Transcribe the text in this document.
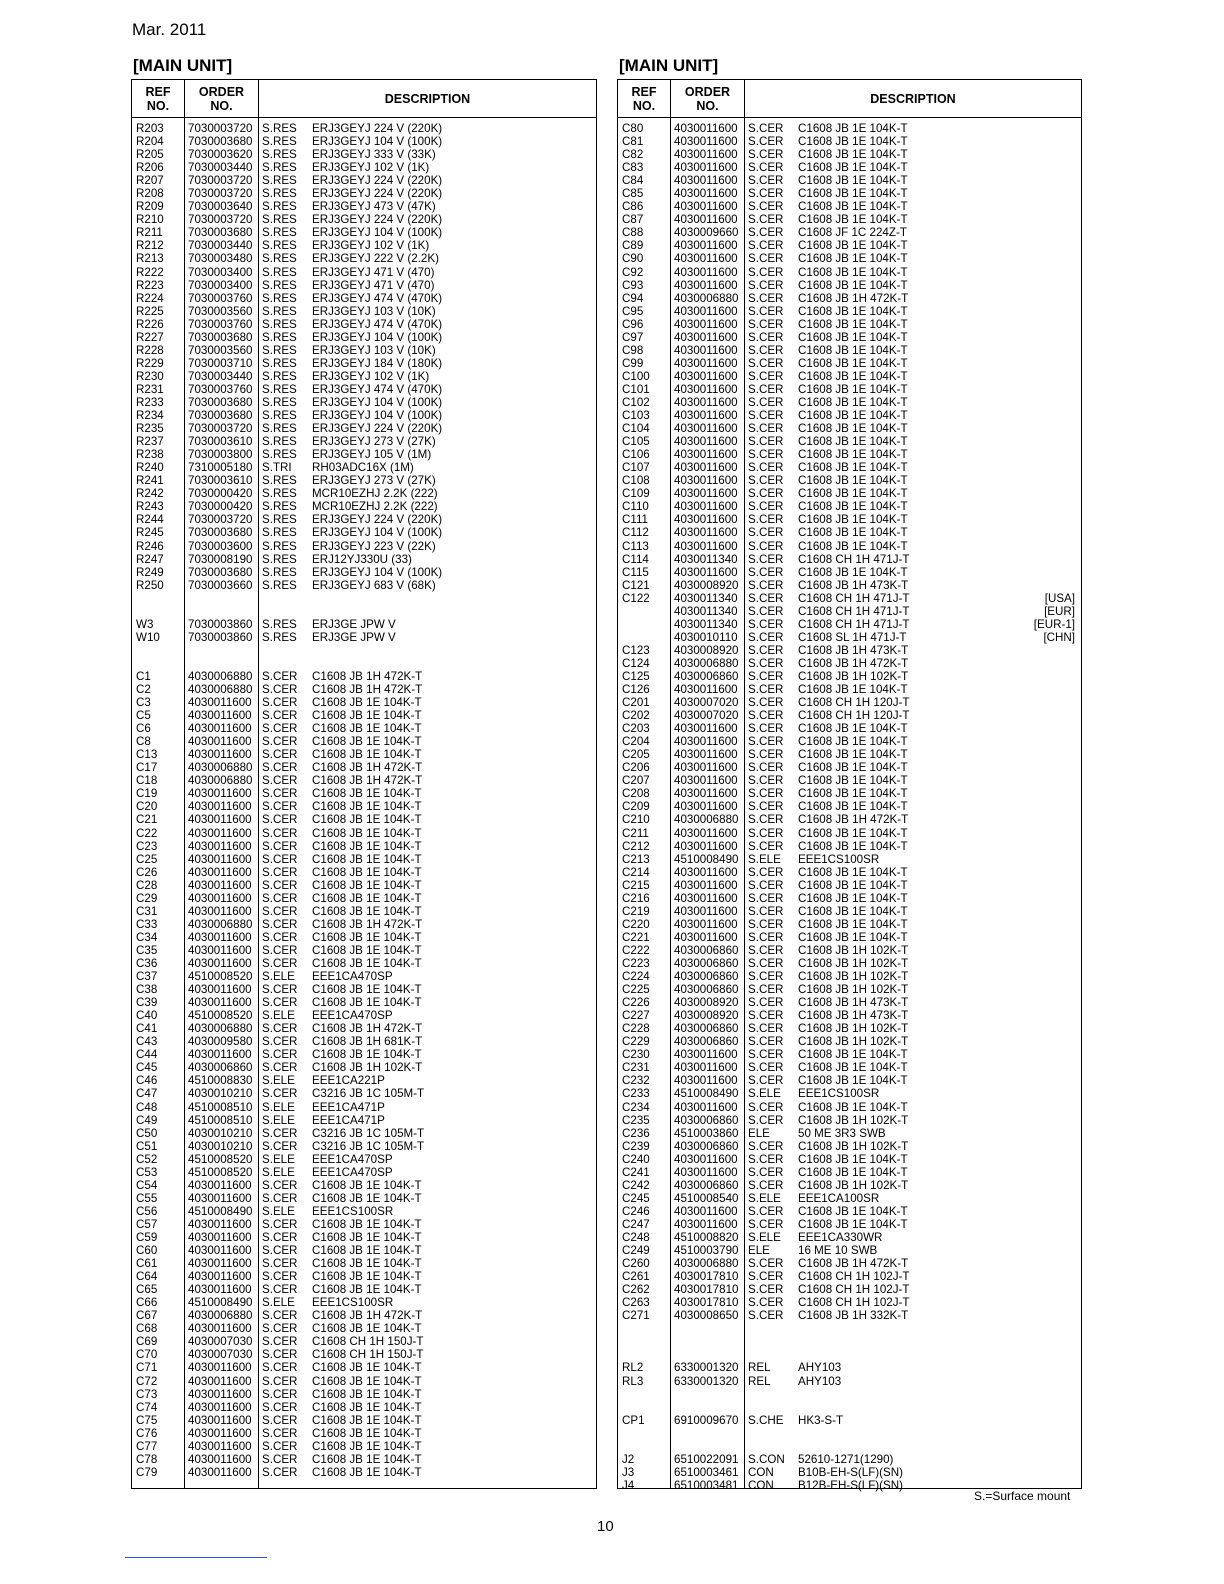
Mar. 2011
[MAIN UNIT]	[MAIN UNIT]
REF
NO.
ORDER
NO.	DESCRIPTION
R203 7030003720 S.RES ERJ3GEYJ 224 V (220K)
R204 7030003680 S.RES ERJ3GEYJ 104 V (100K)
R205 7030003620 S.RES ERJ3GEYJ 333 V (33K)
R206 7030003440 S.RES ERJ3GEYJ 102 V (1K)
R207 7030003720 S.RES ERJ3GEYJ 224 V (220K)
R208 7030003720 S.RES ERJ3GEYJ 224 V (220K)
R209 7030003640 S.RES ERJ3GEYJ 473 V (47K)
R210 7030003720 S.RES ERJ3GEYJ 224 V (220K)
R211 7030003680 S.RES ERJ3GEYJ 104 V (100K)
R212 7030003440 S.RES ERJ3GEYJ 102 V (1K)
R213 7030003480 S.RES ERJ3GEYJ 222 V (2.2K)
R222 7030003400 S.RES ERJ3GEYJ 471 V (470)
R223 7030003400 S.RES ERJ3GEYJ 471 V (470)
R224 7030003760 S.RES ERJ3GEYJ 474 V (470K)
R225 7030003560 S.RES ERJ3GEYJ 103 V (10K)
R226 7030003760 S.RES ERJ3GEYJ 474 V (470K)
R227 7030003680 S.RES ERJ3GEYJ 104 V (100K)
R228 7030003560 S.RES ERJ3GEYJ 103 V (10K)
R229 7030003710 S.RES ERJ3GEYJ 184 V (180K)
R230 7030003440 S.RES ERJ3GEYJ 102 V (1K)
R231 7030003760 S.RES ERJ3GEYJ 474 V (470K)
R233 7030003680 S.RES ERJ3GEYJ 104 V (100K)
R234 7030003680 S.RES ERJ3GEYJ 104 V (100K)
R235 7030003720 S.RES ERJ3GEYJ 224 V (220K)
R237 7030003610 S.RES ERJ3GEYJ 273 V (27K)
R238 7030003800 S.RES ERJ3GEYJ 105 V (1M)
R240 7310005180 S.TRI RH03ADC16X (1M)
R241 7030003610 S.RES ERJ3GEYJ 273 V (27K)
R242 7030000420 S.RES MCR10EZHJ 2.2K (222)
R243 7030000420 S.RES MCR10EZHJ 2.2K (222)
R244 7030003720 S.RES ERJ3GEYJ 224 V (220K)
R245 7030003680 S.RES ERJ3GEYJ 104 V (100K)
R246 7030003600 S.RES ERJ3GEYJ 223 V (22K)
R247 7030008190 S.RES ERJ12YJ330U (33)
R249 7030003680 S.RES ERJ3GEYJ 104 V (100K)
R250 7030003660 S.RES ERJ3GEYJ 683 V (68K)
W3	7030003860 S.RES ERJ3GE JPW V
W10 7030003860 S.RES ERJ3GE JPW V
C1	4030006880 S.CER C1608 JB 1H 472K-T
C2	4030006880 S.CER C1608 JB 1H 472K-T
C3	4030011600 S.CER C1608 JB 1E 104K-T
C5	4030011600 S.CER C1608 JB 1E 104K-T
C6	4030011600 S.CER C1608 JB 1E 104K-T
C8	4030011600 S.CER C1608 JB 1E 104K-T
C13	4030011600 S.CER C1608 JB 1E 104K-T
C17	4030006880 S.CER C1608 JB 1H 472K-T
C18	4030006880 S.CER C1608 JB 1H 472K-T
C19	4030011600 S.CER C1608 JB 1E 104K-T
C20	4030011600 S.CER C1608 JB 1E 104K-T
C21	4030011600 S.CER C1608 JB 1E 104K-T
C22	4030011600 S.CER C1608 JB 1E 104K-T
C23	4030011600 S.CER C1608 JB 1E 104K-T
C25	4030011600 S.CER C1608 JB 1E 104K-T
C26	4030011600 S.CER C1608 JB 1E 104K-T
C28	4030011600 S.CER C1608 JB 1E 104K-T
C29	4030011600 S.CER C1608 JB 1E 104K-T
C31	4030011600 S.CER C1608 JB 1E 104K-T
C33	4030006880 S.CER C1608 JB 1H 472K-T
C34	4030011600 S.CER C1608 JB 1E 104K-T
C35	4030011600 S.CER C1608 JB 1E 104K-T
C36	4030011600 S.CER C1608 JB 1E 104K-T
C37	4510008520 S.ELE EEE1CA470SP
C38	4030011600 S.CER C1608 JB 1E 104K-T
C39	4030011600 S.CER C1608 JB 1E 104K-T
C40	4510008520 S.ELE EEE1CA470SP
C41	4030006880 S.CER C1608 JB 1H 472K-T
C43	4030009580 S.CER C1608 JB 1H 681K-T
C44	4030011600 S.CER C1608 JB 1E 104K-T
C45	4030006860 S.CER C1608 JB 1H 102K-T
C46	4510008830 S.ELE EEE1CA221P
C47	4030010210 S.CER C3216 JB 1C 105M-T
C48	4510008510 S.ELE EEE1CA471P
C49	4510008510 S.ELE EEE1CA471P
C50	4030010210 S.CER C3216 JB 1C 105M-T
C51	4030010210 S.CER C3216 JB 1C 105M-T
C52	4510008520 S.ELE EEE1CA470SP
C53	4510008520 S.ELE EEE1CA470SP
C54	4030011600 S.CER C1608 JB 1E 104K-T
C55	4030011600 S.CER C1608 JB 1E 104K-T
C56	4510008490 S.ELE EEE1CS100SR
C57	4030011600 S.CER C1608 JB 1E 104K-T
C59	4030011600 S.CER C1608 JB 1E 104K-T
C60	4030011600 S.CER C1608 JB 1E 104K-T
C61	4030011600 S.CER C1608 JB 1E 104K-T
C64	4030011600 S.CER C1608 JB 1E 104K-T
C65	4030011600 S.CER C1608 JB 1E 104K-T
C66	4510008490 S.ELE EEE1CS100SR
C67	4030006880 S.CER C1608 JB 1H 472K-T
C68	4030011600 S.CER C1608 JB 1E 104K-T
C69	4030007030 S.CER C1608 CH 1H 150J-T
C70	4030007030 S.CER C1608 CH 1H 150J-T
C71	4030011600 S.CER C1608 JB 1E 104K-T
C72	4030011600 S.CER C1608 JB 1E 104K-T
C73	4030011600 S.CER C1608 JB 1E 104K-T
C74	4030011600 S.CER C1608 JB 1E 104K-T
C75	4030011600 S.CER C1608 JB 1E 104K-T
C76	4030011600 S.CER C1608 JB 1E 104K-T
C77	4030011600 S.CER C1608 JB 1E 104K-T
C78	4030011600 S.CER C1608 JB 1E 104K-T
C79	4030011600 S.CER C1608 JB 1E 104K-T
REF
NO.
ORDER
NO.	DESCRIPTION
C80	4030011600 S.CER C1608 JB 1E 104K-T
C81	4030011600 S.CER C1608 JB 1E 104K-T
C82	4030011600 S.CER C1608 JB 1E 104K-T
C83	4030011600 S.CER C1608 JB 1E 104K-T
C84	4030011600 S.CER C1608 JB 1E 104K-T
C85	4030011600 S.CER C1608 JB 1E 104K-T
C86	4030011600 S.CER C1608 JB 1E 104K-T
C87	4030011600 S.CER C1608 JB 1E 104K-T
C88	4030009660 S.CER C1608 JF 1C 224Z-T
C89	4030011600 S.CER C1608 JB 1E 104K-T
C90	4030011600 S.CER C1608 JB 1E 104K-T
C92	4030011600 S.CER C1608 JB 1E 104K-T
C93	4030011600 S.CER C1608 JB 1E 104K-T
C94	4030006880 S.CER C1608 JB 1H 472K-T
C95	4030011600 S.CER C1608 JB 1E 104K-T
C96	4030011600 S.CER C1608 JB 1E 104K-T
C97	4030011600 S.CER C1608 JB 1E 104K-T
C98	4030011600 S.CER C1608 JB 1E 104K-T
C99	4030011600 S.CER C1608 JB 1E 104K-T
C100 4030011600 S.CER C1608 JB 1E 104K-T
C101 4030011600 S.CER C1608 JB 1E 104K-T
C102 4030011600 S.CER C1608 JB 1E 104K-T
C103 4030011600 S.CER C1608 JB 1E 104K-T
C104 4030011600 S.CER C1608 JB 1E 104K-T
C105 4030011600 S.CER C1608 JB 1E 104K-T
C106 4030011600 S.CER C1608 JB 1E 104K-T
C107 4030011600 S.CER C1608 JB 1E 104K-T
C108 4030011600 S.CER C1608 JB 1E 104K-T
C109 4030011600 S.CER C1608 JB 1E 104K-T
C110 4030011600 S.CER C1608 JB 1E 104K-T
C111 4030011600 S.CER C1608 JB 1E 104K-T
C112 4030011600 S.CER C1608 JB 1E 104K-T
C113 4030011600 S.CER C1608 JB 1E 104K-T
C114 4030011340 S.CER C1608 CH 1H 471J-T
C115 4030011600 S.CER C1608 JB 1E 104K-T
C121 4030008920 S.CER C1608 JB 1H 473K-T
C122 4030011340 S.CER C1608 CH 1H 471J-T	[USA]
4030011340 S.CER C1608 CH 1H 471J-T	[EUR]
4030011340 S.CER C1608 CH 1H 471J-T	[EUR-1]
4030010110 S.CER C1608 SL 1H 471J-T	[CHN]
C123 4030008920 S.CER C1608 JB 1H 473K-T
C124 4030006880 S.CER C1608 JB 1H 472K-T
C125 4030006860 S.CER C1608 JB 1H 102K-T
C126 4030011600 S.CER C1608 JB 1E 104K-T
C201 4030007020 S.CER C1608 CH 1H 120J-T
C202 4030007020 S.CER C1608 CH 1H 120J-T
C203 4030011600 S.CER C1608 JB 1E 104K-T
C204 4030011600 S.CER C1608 JB 1E 104K-T
C205 4030011600 S.CER C1608 JB 1E 104K-T
C206 4030011600 S.CER C1608 JB 1E 104K-T
C207 4030011600 S.CER C1608 JB 1E 104K-T
C208 4030011600 S.CER C1608 JB 1E 104K-T
C209 4030011600 S.CER C1608 JB 1E 104K-T
C210 4030006880 S.CER C1608 JB 1H 472K-T
C211 4030011600 S.CER C1608 JB 1E 104K-T
C212 4030011600 S.CER C1608 JB 1E 104K-T
C213 4510008490 S.ELE EEE1CS100SR
C214 4030011600 S.CER C1608 JB 1E 104K-T
C215 4030011600 S.CER C1608 JB 1E 104K-T
C216 4030011600 S.CER C1608 JB 1E 104K-T
C219 4030011600 S.CER C1608 JB 1E 104K-T
C220 4030011600 S.CER C1608 JB 1E 104K-T
C221 4030011600 S.CER C1608 JB 1E 104K-T
C222 4030006860 S.CER C1608 JB 1H 102K-T
C223 4030006860 S.CER C1608 JB 1H 102K-T
C224 4030006860 S.CER C1608 JB 1H 102K-T
C225 4030006860 S.CER C1608 JB 1H 102K-T
C226 4030008920 S.CER C1608 JB 1H 473K-T
C227 4030008920 S.CER C1608 JB 1H 473K-T
C228 4030006860 S.CER C1608 JB 1H 102K-T
C229 4030006860 S.CER C1608 JB 1H 102K-T
C230 4030011600 S.CER C1608 JB 1E 104K-T
C231 4030011600 S.CER C1608 JB 1E 104K-T
C232 4030011600 S.CER C1608 JB 1E 104K-T
C233 4510008490 S.ELE EEE1CS100SR
C234 4030011600 S.CER C1608 JB 1E 104K-T
C235 4030006860 S.CER C1608 JB 1H 102K-T
C236 4510003860 ELE 50 ME 3R3 SWB
C239 4030006860 S.CER C1608 JB 1H 102K-T
C240 4030011600 S.CER C1608 JB 1E 104K-T
C241 4030011600 S.CER C1608 JB 1E 104K-T
C242 4030006860 S.CER C1608 JB 1H 102K-T
C245 4510008540 S.ELE EEE1CA100SR
C246 4030011600 S.CER C1608 JB 1E 104K-T
C247 4030011600 S.CER C1608 JB 1E 104K-T
C248 4510008820 S.ELE EEE1CA330WR
C249 4510003790 ELE 16 ME 10 SWB
C260 4030006880 S.CER C1608 JB 1H 472K-T
C261 4030017810 S.CER C1608 CH 1H 102J-T
C262 4030017810 S.CER C1608 CH 1H 102J-T
C263 4030017810 S.CER C1608 CH 1H 102J-T
C271 4030008650 S.CER C1608 JB 1H 332K-T
RL2	6330001320 REL AHY103
RL3	6330001320 REL AHY103
CP1	6910009670 S.CHE HK3-S-T
J2	6510022091 S.CON 52610-1271(1290)
J3	6510003461 CON B10B-EH-S(LF)(SN)
J4	6510003481 CON B12B-EH-S(LF)(SN)
S.=Surface mount
10
